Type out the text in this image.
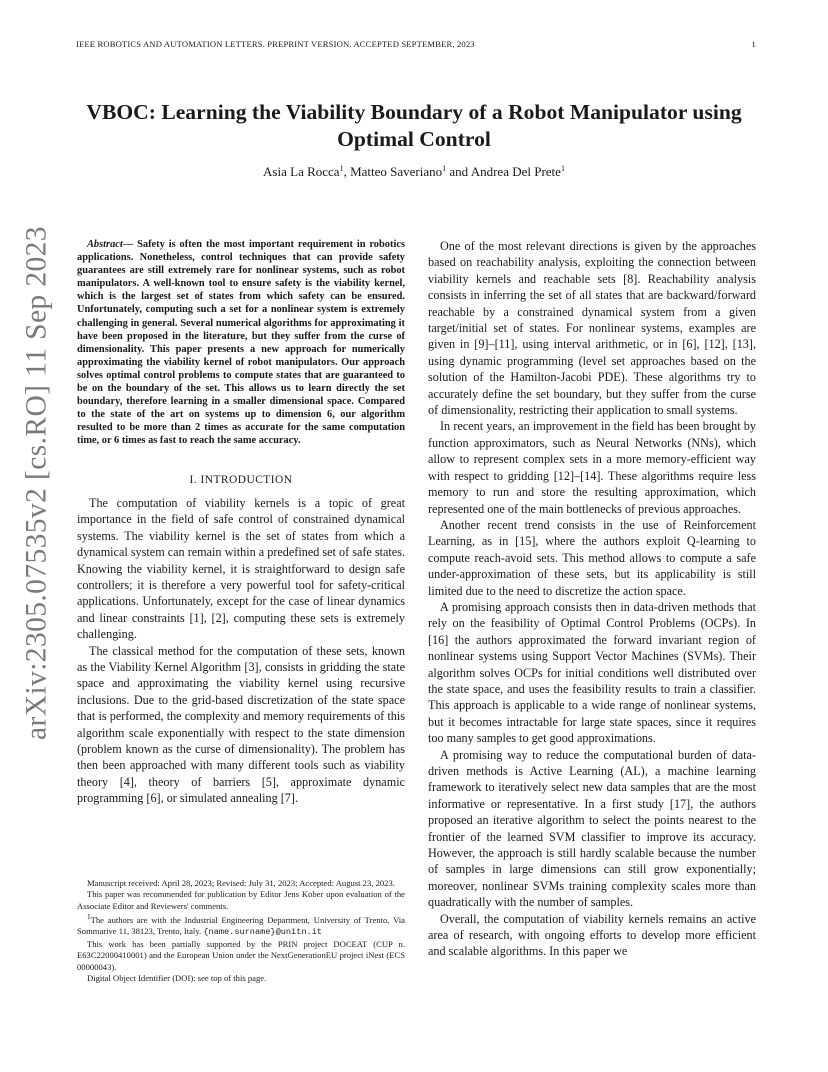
IEEE ROBOTICS AND AUTOMATION LETTERS. PREPRINT VERSION. ACCEPTED SEPTEMBER, 2023	1
arXiv:2305.07535v2 [cs.RO] 11 Sep 2023
VBOC: Learning the Viability Boundary of a Robot Manipulator using Optimal Control
Asia La Rocca$^1$, Matteo Saveriano$^1$ and Andrea Del Prete$^1$

Abstract— Safety is often the most important requirement in robotics applications. Nonetheless, control techniques that can provide safety guarantees are still extremely rare for nonlinear systems, such as robot manipulators. A well-known tool to ensure safety is the viability kernel, which is the largest set of states from which safety can be ensured. Unfortunately, computing such a set for a nonlinear system is extremely challenging in general. Several numerical algorithms for approximating it have been proposed in the literature, but they suffer from the curse of dimensionality. This paper presents a new approach for numerically approximating the viability kernel of robot manipulators. Our approach solves optimal control problems to compute states that are guaranteed to be on the boundary of the set. This allows us to learn directly the set boundary, therefore learning in a smaller dimensional space. Compared to the state of the art on systems up to dimension 6, our algorithm resulted to be more than 2 times as accurate for the same computation time, or 6 times as fast to reach the same accuracy.

I. INTRODUCTION

The computation of viability kernels is a topic of great importance in the field of safe control of constrained dynamical systems. The viability kernel is the set of states from which a dynamical system can remain within a predefined set of safe states. Knowing the viability kernel, it is straightforward to design safe controllers; it is therefore a very powerful tool for safety-critical applications. Unfortunately, except for the case of linear dynamics and linear constraints [1], [2], computing these sets is extremely challenging.

The classical method for the computation of these sets, known as the Viability Kernel Algorithm [3], consists in gridding the state space and approximating the viability kernel using recursive inclusions. Due to the grid-based discretization of the state space that is performed, the complexity and memory requirements of this algorithm scale exponentially with respect to the state dimension (problem known as the curse of dimensionality). The problem has then been approached with many different tools such as viability theory [4], theory of barriers [5], approximate dynamic programming [6], or simulated annealing [7].

Manuscript received: April 28, 2023; Revised: July 31, 2023; Accepted: August 23, 2023.

This paper was recommended for publication by Editor Jens Kober upon evaluation of the Associate Editor and Reviewers' comments.

$^1$The authors are with the Industrial Engineering Department, University of Trento, Via Sommarive 11, 38123, Trento, Italy. {name.surname}@unitn.it

This work has been partially supported by the PRIN project DOCEAT (CUP n. E63C22000410001) and the European Union under the NextGenerationEU project iNest (ECS 00000043).

Digital Object Identifier (DOI): see top of this page.

One of the most relevant directions is given by the approaches based on reachability analysis, exploiting the connection between viability kernels and reachable sets [8]. Reachability analysis consists in inferring the set of all states that are backward/forward reachable by a constrained dynamical system from a given target/initial set of states. For nonlinear systems, examples are given in [9]–[11], using interval arithmetic, or in [6], [12], [13], using dynamic programming (level set approaches based on the solution of the Hamilton-Jacobi PDE). These algorithms try to accurately define the set boundary, but they suffer from the curse of dimensionality, restricting their application to small systems.

In recent years, an improvement in the field has been brought by function approximators, such as Neural Networks (NNs), which allow to represent complex sets in a more memory-efficient way with respect to gridding [12]–[14]. These algorithms require less memory to run and store the resulting approximation, which represented one of the main bottlenecks of previous approaches.

Another recent trend consists in the use of Reinforcement Learning, as in [15], where the authors exploit Q-learning to compute reach-avoid sets. This method allows to compute a safe under-approximation of these sets, but its applicability is still limited due to the need to discretize the action space.

A promising approach consists then in data-driven methods that rely on the feasibility of Optimal Control Problems (OCPs). In [16] the authors approximated the forward invariant region of nonlinear systems using Support Vector Machines (SVMs). Their algorithm solves OCPs for initial conditions well distributed over the state space, and uses the feasibility results to train a classifier. This approach is applicable to a wide range of nonlinear systems, but it becomes intractable for large state spaces, since it requires too many samples to get good approximations.

A promising way to reduce the computational burden of data-driven methods is Active Learning (AL), a machine learning framework to iteratively select new data samples that are the most informative or representative. In a first study [17], the authors proposed an iterative algorithm to select the points nearest to the frontier of the learned SVM classifier to improve its accuracy. However, the approach is still hardly scalable because the number of samples in large dimensions can still grow exponentially; moreover, nonlinear SVMs training complexity scales more than quadratically with the number of samples.

Overall, the computation of viability kernels remains an active area of research, with ongoing efforts to develop more efficient and scalable algorithms. In this paper we
